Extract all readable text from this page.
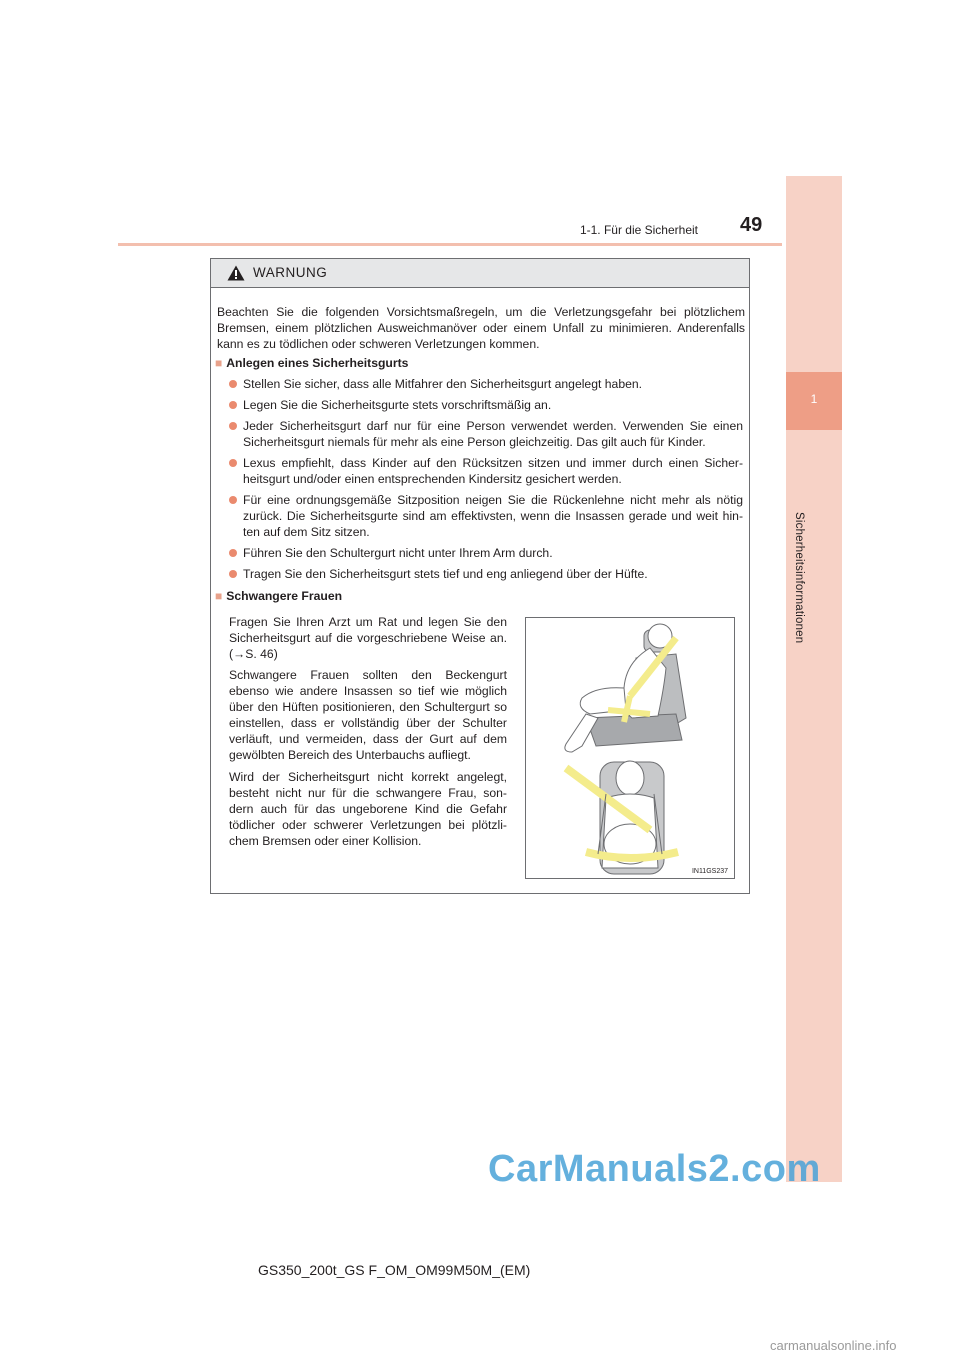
1
Sicherheitsinformationen
1-1. Für die Sicherheit 49
WARNUNG
Beachten Sie die folgenden Vorsichtsmaßregeln, um die Verletzungsgefahr bei plötzlichem Bremsen, einem plötzlichen Ausweichmanöver oder einem Unfall zu minimieren. Anderenfalls kann es zu tödlichen oder schweren Verletzungen kommen.
■ Anlegen eines Sicherheitsgurts
Stellen Sie sicher, dass alle Mitfahrer den Sicherheitsgurt angelegt haben.
Legen Sie die Sicherheitsgurte stets vorschriftsmäßig an.
Jeder Sicherheitsgurt darf nur für eine Person verwendet werden. Verwenden Sie einen Sicherheitsgurt niemals für mehr als eine Person gleichzeitig. Das gilt auch für Kinder.
Lexus empfiehlt, dass Kinder auf den Rücksitzen sitzen und immer durch einen Sicher-heitsgurt und/oder einen entsprechenden Kindersitz gesichert werden.
Für eine ordnungsgemäße Sitzposition neigen Sie die Rückenlehne nicht mehr als nötig zurück. Die Sicherheitsgurte sind am effektivsten, wenn die Insassen gerade und weit hin-ten auf dem Sitz sitzen.
Führen Sie den Schultergurt nicht unter Ihrem Arm durch.
Tragen Sie den Sicherheitsgurt stets tief und eng anliegend über der Hüfte.
■ Schwangere Frauen
Fragen Sie Ihren Arzt um Rat und legen Sie den Sicherheitsgurt auf die vorgeschriebene Weise an. (→S. 46)
Schwangere Frauen sollten den Beckengurt ebenso wie andere Insassen so tief wie möglich über den Hüften positionieren, den Schultergurt so einstellen, dass er vollständig über der Schulter verläuft, und vermeiden, dass der Gurt auf dem gewölbten Bereich des Unterbauchs aufliegt.
Wird der Sicherheitsgurt nicht korrekt angelegt, besteht nicht nur für die schwangere Frau, son-dern auch für das ungeborene Kind die Gefahr tödlicher oder schwerer Verletzungen bei plötzli-chem Bremsen oder einer Kollision.
IN11GS237
GS350_200t_GS F_OM_OM99M50M_(EM)
CarManuals2.com
carmanualsonline.info
